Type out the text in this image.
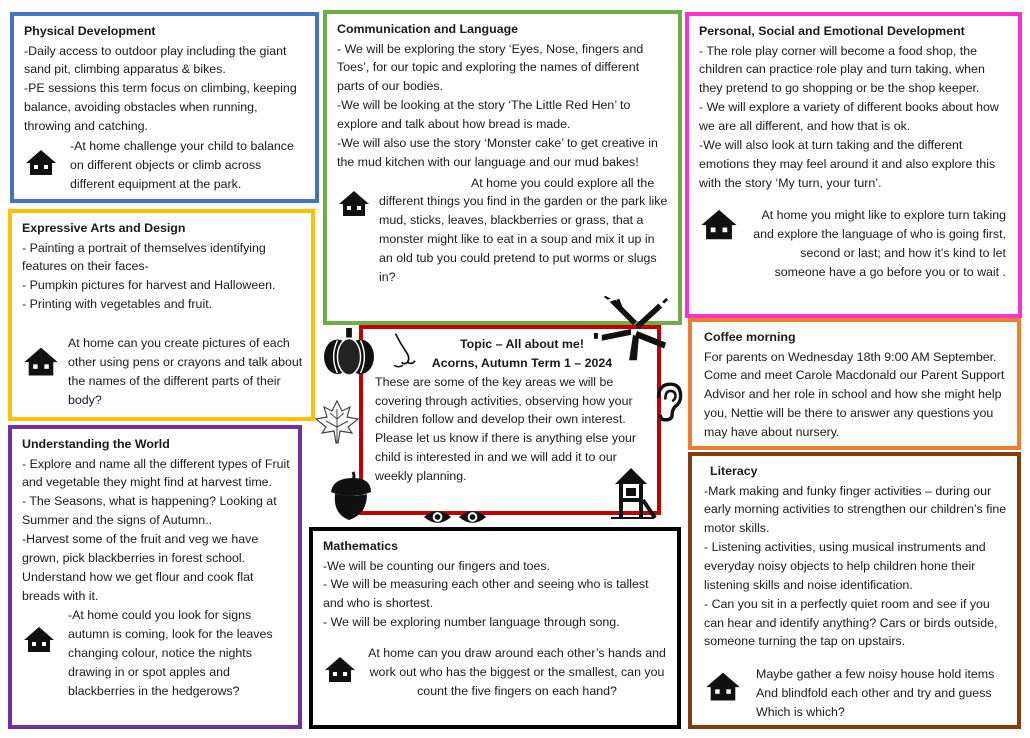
Topic – All about me!
Acorns, Autumn Term 1 – 2024

These are some of the key areas we will be covering through activities, observing how your children follow and develop their own interest. Please let us know if there is anything else your child is interested in and we will add it to our weekly planning.

Physical Development

-Daily access to outdoor play including the giant sand pit, climbing apparatus & bikes.

-PE sessions this term focus on climbing, keeping balance, avoiding obstacles when running, throwing and catching.

-At home challenge your child to balance on different objects or climb across different equipment at the park.
Communication and Language

- We will be exploring the story ‘Eyes, Nose, fingers and Toes’, for our topic and exploring the names of different parts of our bodies.

-We will be looking at the story ‘The Little Red Hen’ to explore and talk about how bread is made.

-We will also use the story ‘Monster cake’ to get creative in the mud kitchen with our language and our mud bakes!

At home you could explore all the different things you find in the garden or the park like mud, sticks, leaves, blackberries or grass, that a monster might like to eat in a soup and mix it up in an old tub you could pretend to put worms or slugs in?
Personal, Social and Emotional Development

- The role play corner will become a food shop, the children can practice role play and turn taking, when they pretend to go shopping or be the shop keeper.

- We will explore a variety of different books about how we are all different, and how that is ok.

-We will also look at turn taking and the different emotions they may feel around it and also explore this with the story ‘My turn, your turn’.

At home you might like to explore turn taking and explore the language of who is going first, second or last; and how it’s kind to let someone have a go before you or to wait .
Expressive Arts and Design

- Painting a portrait of themselves identifying features on their faces-

- Pumpkin pictures for harvest and Halloween.

- Printing with vegetables and fruit.

At home can you create pictures of each other using pens or crayons and talk about the names of the different parts of their body?
Coffee morning

For parents on Wednesday 18th 9:00 AM September. Come and meet Carole Macdonald our Parent Support Advisor and her role in school and how she might help you, Nettie will be there to answer any questions you may have about nursery.

Understanding the World

- Explore and name all the different types of Fruit and vegetable they might find at harvest time.

- The Seasons, what is happening? Looking at Summer and the signs of Autumn..

-Harvest some of the fruit and veg we have grown, pick blackberries in forest school. Understand how we get flour and cook flat breads with it.

-At home could you look for signs autumn is coming, look for the leaves changing colour, notice the nights drawing in or spot apples and blackberries in the hedgerows?
Mathematics

-We will be counting our fingers and toes.

- We will be measuring each other and seeing who is tallest and who is shortest.

- We will be exploring number language through song.

At home can you draw around each other’s hands and work out who has the biggest or the smallest, can you count the five fingers on each hand?
Literacy

-Mark making and funky finger activities – during our early morning activities to strengthen our children’s fine motor skills.

- Listening activities, using musical instruments and everyday noisy objects to help children hone their listening skills and noise identification.

- Can you sit in a perfectly quiet room and see if you can hear and identify anything? Cars or birds outside, someone turning the tap on upstairs.

Maybe gather a few noisy house hold items And blindfold each other and try and guess Which is which?
